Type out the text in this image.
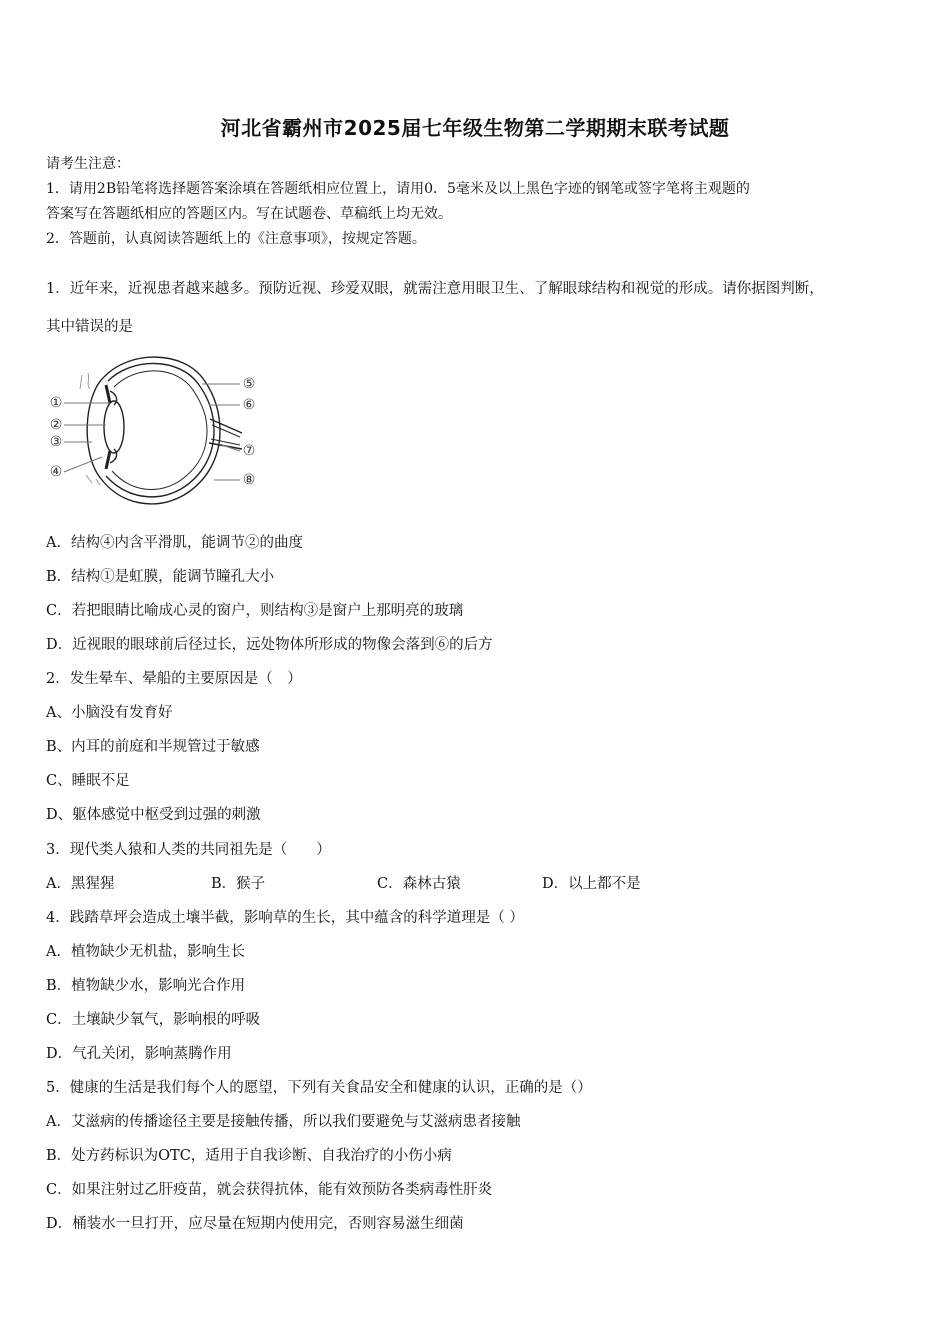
河北省霸州市2025届七年级生物第二学期期末联考试题
请考生注意：
1．请用2B铅笔将选择题答案涂填在答题纸相应位置上，请用0．5毫米及以上黑色字迹的钢笔或签字笔将主观题的
答案写在答题纸相应的答题区内。写在试题卷、草稿纸上均无效。
2．答题前，认真阅读答题纸上的《注意事项》，按规定答题。
1．近年来，近视患者越来越多。预防近视、珍爱双眼，就需注意用眼卫生、了解眼球结构和视觉的形成。请你据图判断，
其中错误的是
①
②
③
④
⑤
⑥
⑦
⑧
A．结构④内含平滑肌，能调节②的曲度
B．结构①是虹膜，能调节瞳孔大小
C．若把眼睛比喻成心灵的窗户，则结构③是窗户上那明亮的玻璃
D．近视眼的眼球前后径过长，远处物体所形成的物像会落到⑥的后方
2．发生晕车、晕船的主要原因是（　）
A、小脑没有发育好
B、内耳的前庭和半规管过于敏感
C、睡眠不足
D、躯体感觉中枢受到过强的刺激
3．现代类人猿和人类的共同祖先是（　　）
A．黑猩猩	B．猴子	C．森林古猿	D．以上都不是
4．践踏草坪会造成土壤半截，影响草的生长，其中蕴含的科学道理是（ ）
A．植物缺少无机盐，影响生长
B．植物缺少水，影响光合作用
C．土壤缺少氧气，影响根的呼吸
D．气孔关闭，影响蒸腾作用
5．健康的生活是我们每个人的愿望，下列有关食品安全和健康的认识，正确的是（）
A．艾滋病的传播途径主要是接触传播，所以我们要避免与艾滋病患者接触
B．处方药标识为OTC，适用于自我诊断、自我治疗的小伤小病
C．如果注射过乙肝疫苗，就会获得抗体，能有效预防各类病毒性肝炎
D．桶装水一旦打开，应尽量在短期内使用完，否则容易滋生细菌
